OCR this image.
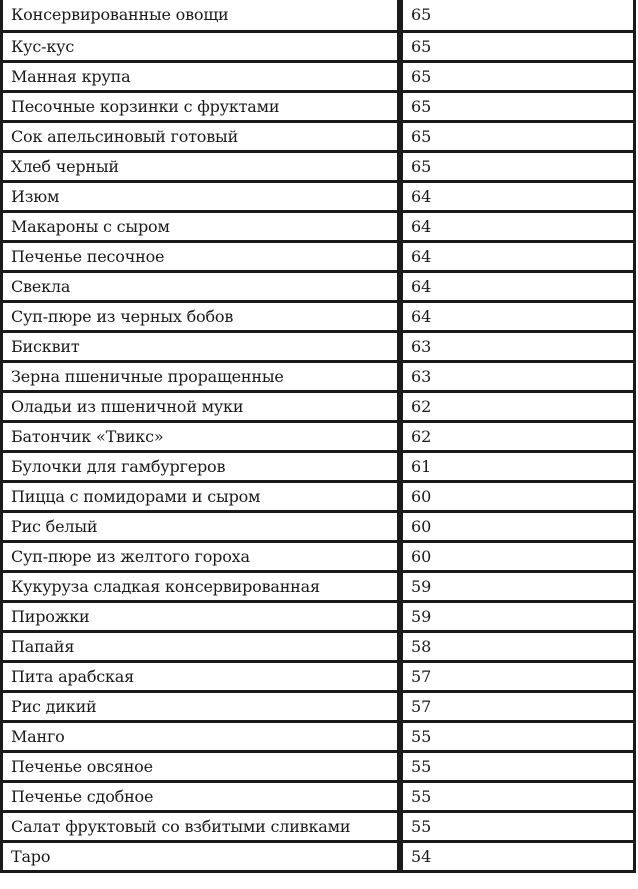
Консервированные овощи	65
Кус-кус	65
Манная крупа	65
Песочные корзинки с фруктами	65
Сок апельсиновый готовый	65
Хлеб черный	65
Изюм	64
Макароны с сыром	64
Печенье песочное	64
Свекла	64
Суп-пюре из черных бобов	64
Бисквит	63
Зерна пшеничные проращенные	63
Оладьи из пшеничной муки	62
Батончик «Твикс»	62
Булочки для гамбургеров	61
Пицца с помидорами и сыром	60
Рис белый	60
Суп-пюре из желтого гороха	60
Кукуруза сладкая консервированная	59
Пирожки	59
Папайя	58
Пита арабская	57
Рис дикий	57
Манго	55
Печенье овсяное	55
Печенье сдобное	55
Салат фруктовый со взбитыми сливками	55
Таро	54
